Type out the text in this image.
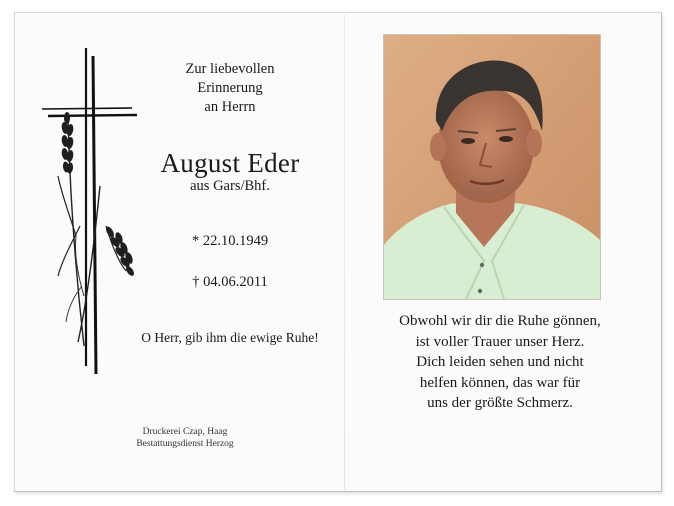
Zur liebevollen
Erinnerung
an Herrn
August Eder
aus Gars/Bhf.
* 22.10.1949
† 04.06.2011
O Herr, gib ihm die ewige Ruhe!
Druckerei Czap, Haag
Bestattungsdienst Herzog
Obwohl wir dir die Ruhe gönnen,
ist voller Trauer unser Herz.
Dich leiden sehen und nicht
helfen können, das war für
uns der größte Schmerz.
